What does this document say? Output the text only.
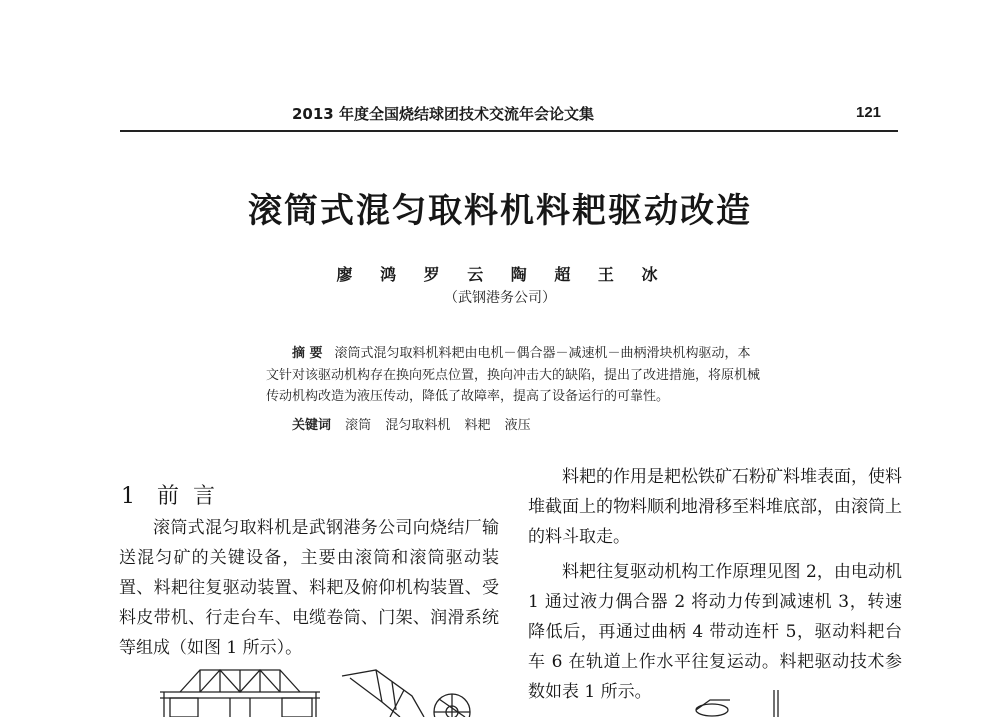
2013 年度全国烧结球团技术交流年会论文集	121
滚筒式混匀取料机料耙驱动改造
廖 鸿 罗 云 陶 超 王 冰
（武钢港务公司）
摘 要 滚筒式混匀取料机料耙由电机－偶合器－减速机－曲柄滑块机构驱动，本文针对该驱动机构存在换向死点位置，换向冲击大的缺陷，提出了改进措施，将原机械传动机构改造为液压传动，降低了故障率，提高了设备运行的可靠性。
关键词 滚筒 混匀取料机 料耙 液压
1 前言

滚筒式混匀取料机是武钢港务公司向烧结厂输送混匀矿的关键设备，主要由滚筒和滚筒驱动装置、料耙往复驱动装置、料耙及俯仰机构装置、受料皮带机、行走台车、电缆卷筒、门架、润滑系统等组成（如图 1 所示）。

料耙的作用是耙松铁矿石粉矿料堆表面，使料堆截面上的物料顺利地滑移至料堆底部，由滚筒上的料斗取走。

料耙往复驱动机构工作原理见图 2，由电动机 1 通过液力偶合器 2 将动力传到减速机 3，转速降低后，再通过曲柄 4 带动连杆 5，驱动料耙台车 6 在轨道上作水平往复运动。料耙驱动技术参数如表 1 所示。
